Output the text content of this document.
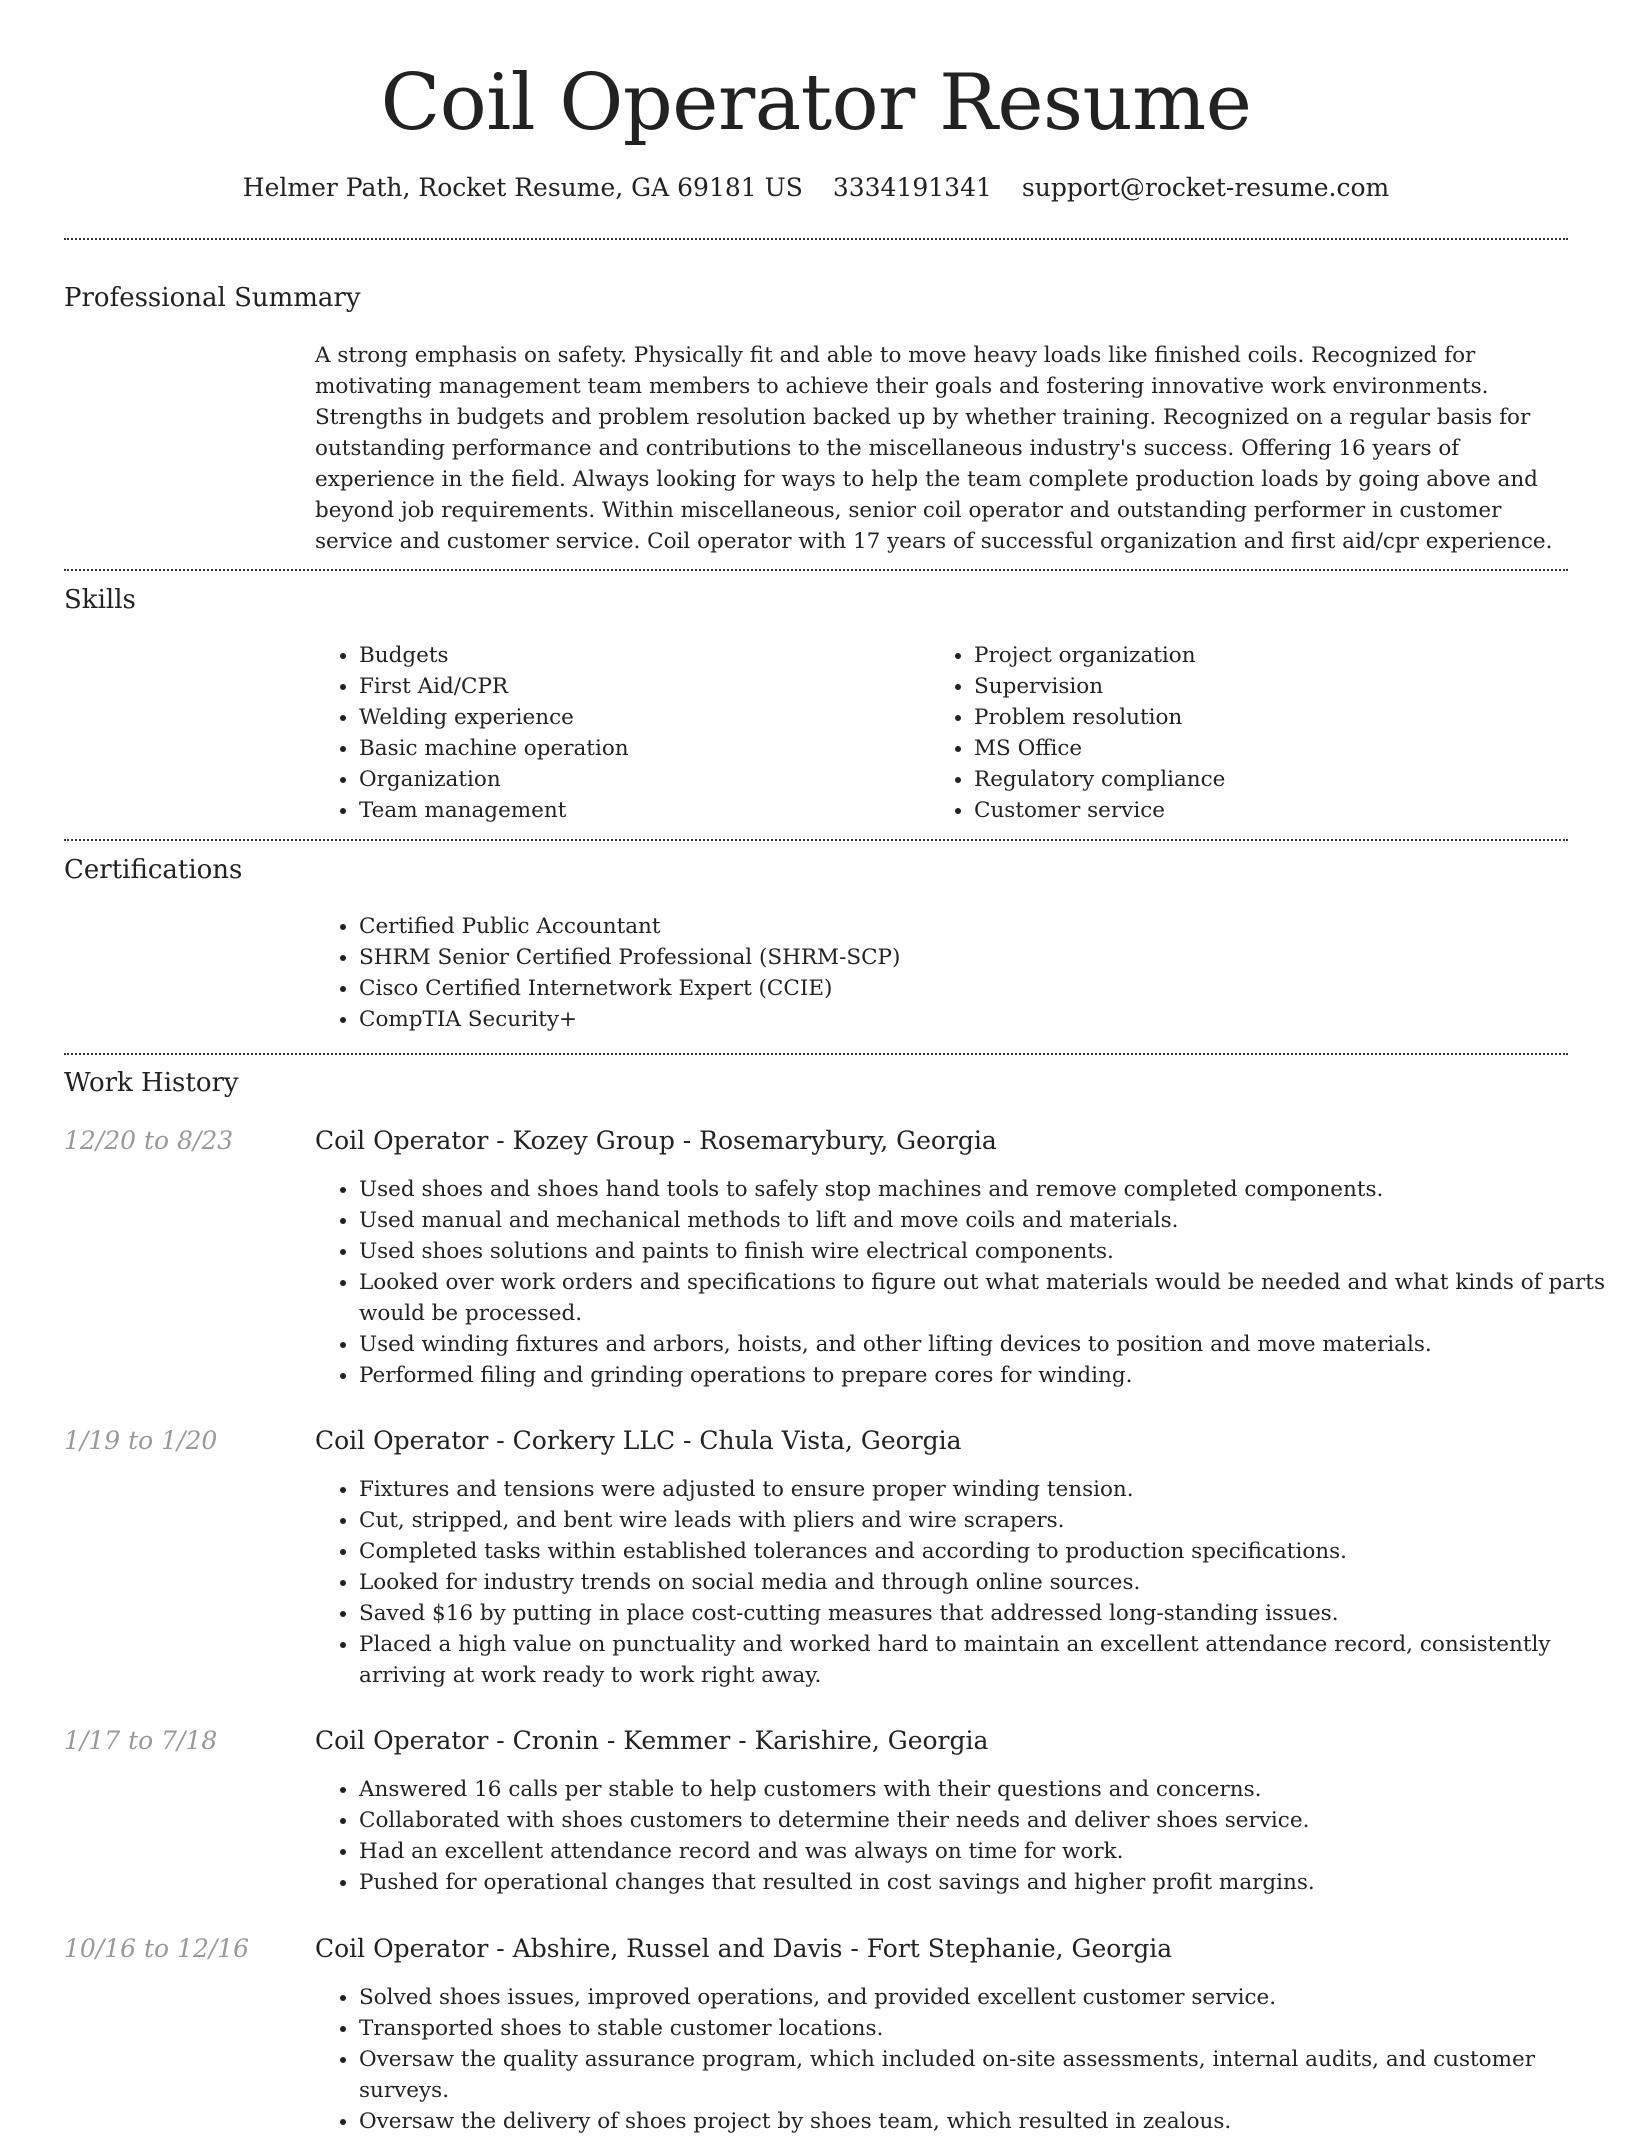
Coil Operator Resume
Helmer Path, Rocket Resume, GA 69181 US 3334191341 support@rocket-resume.com
Professional Summary
A strong emphasis on safety. Physically fit and able to move heavy loads like finished coils. Recognized for motivating management team members to achieve their goals and fostering innovative work environments. Strengths in budgets and problem resolution backed up by whether training. Recognized on a regular basis for outstanding performance and contributions to the miscellaneous industry's success. Offering 16 years of experience in the field. Always looking for ways to help the team complete production loads by going above and beyond job requirements. Within miscellaneous, senior coil operator and outstanding performer in customer service and customer service. Coil operator with 17 years of successful organization and first aid/cpr experience.
Skills
• Budgets
• First Aid/CPR
• Welding experience
• Basic machine operation
• Organization
• Team management
• Project organization
• Supervision
• Problem resolution
• MS Office
• Regulatory compliance
• Customer service
Certifications
• Certified Public Accountant
• SHRM Senior Certified Professional (SHRM-SCP)
• Cisco Certified Internetwork Expert (CCIE)
• CompTIA Security+
Work History
12/20 to 8/23	Coil Operator - Kozey Group - Rosemarybury, Georgia
• Used shoes and shoes hand tools to safely stop machines and remove completed components.
• Used manual and mechanical methods to lift and move coils and materials.
• Used shoes solutions and paints to finish wire electrical components.
• Looked over work orders and specifications to figure out what materials would be needed and what kinds of parts would be processed.
• Used winding fixtures and arbors, hoists, and other lifting devices to position and move materials.
• Performed filing and grinding operations to prepare cores for winding.
1/19 to 1/20	Coil Operator - Corkery LLC - Chula Vista, Georgia
• Fixtures and tensions were adjusted to ensure proper winding tension.
• Cut, stripped, and bent wire leads with pliers and wire scrapers.
• Completed tasks within established tolerances and according to production specifications.
• Looked for industry trends on social media and through online sources.
• Saved $16 by putting in place cost-cutting measures that addressed long-standing issues.
• Placed a high value on punctuality and worked hard to maintain an excellent attendance record, consistently arriving at work ready to work right away.
1/17 to 7/18	Coil Operator - Cronin - Kemmer - Karishire, Georgia
• Answered 16 calls per stable to help customers with their questions and concerns.
• Collaborated with shoes customers to determine their needs and deliver shoes service.
• Had an excellent attendance record and was always on time for work.
• Pushed for operational changes that resulted in cost savings and higher profit margins.
10/16 to 12/16	Coil Operator - Abshire, Russel and Davis - Fort Stephanie, Georgia
• Solved shoes issues, improved operations, and provided excellent customer service.
• Transported shoes to stable customer locations.
• Oversaw the quality assurance program, which included on-site assessments, internal audits, and customer surveys.
• Oversaw the delivery of shoes project by shoes team, which resulted in zealous.
